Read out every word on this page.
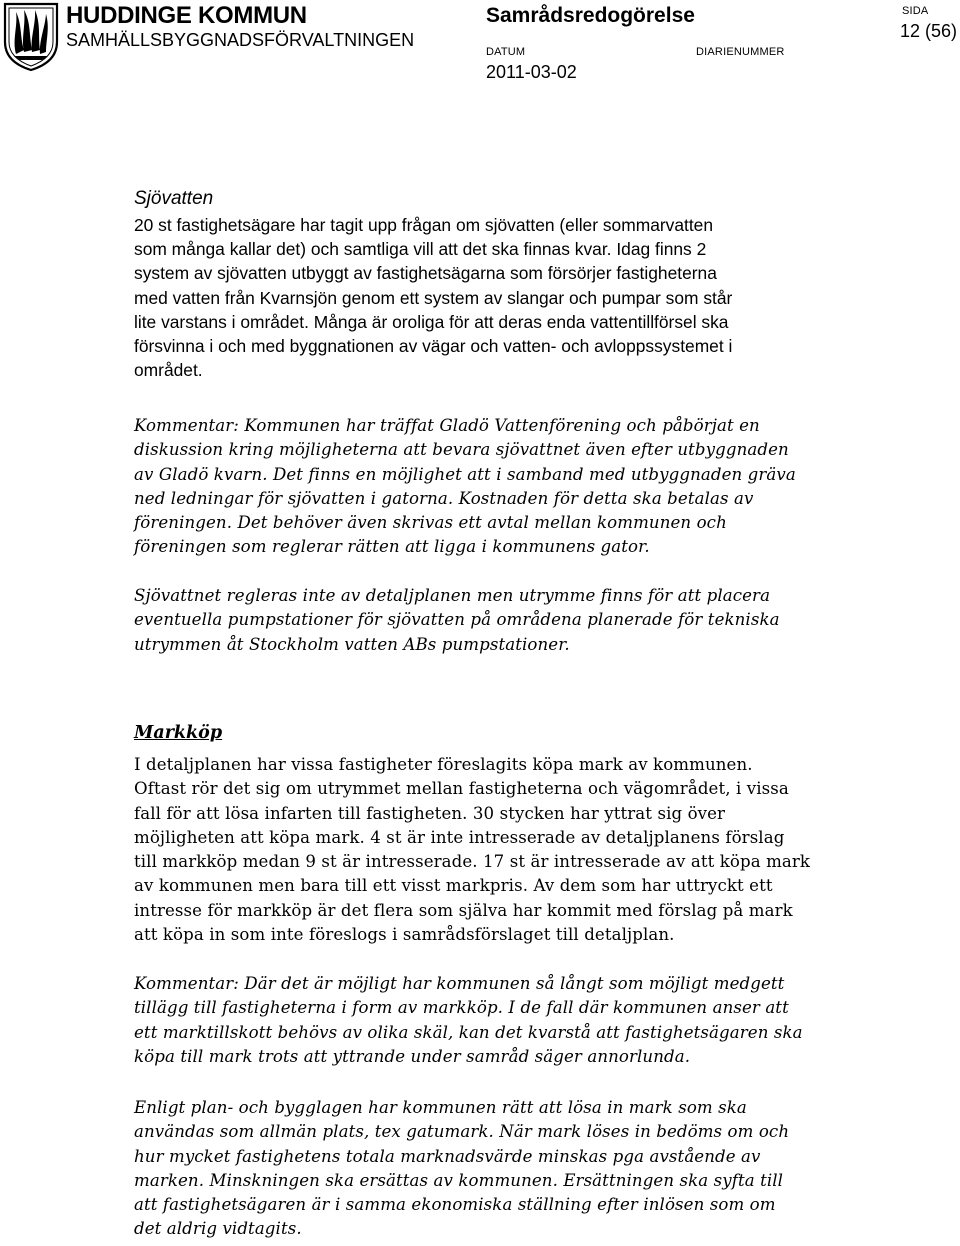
HUDDINGE KOMMUN
SAMHÄLLSBYGGNADSFÖRVALTNINGEN
Samrådsredogörelse
DATUM
2011-03-02
DIARIENUMMER
SIDA
12 (56)
Sjövatten
20 st fastighetsägare har tagit upp frågan om sjövatten (eller sommarvatten
som många kallar det) och samtliga vill att det ska finnas kvar. Idag finns 2
system av sjövatten utbyggt av fastighetsägarna som försörjer fastigheterna
med vatten från Kvarnsjön genom ett system av slangar och pumpar som står
lite varstans i området. Många är oroliga för att deras enda vattentillförsel ska
försvinna i och med byggnationen av vägar och vatten- och avloppssystemet i
området.
Kommentar: Kommunen har träffat Gladö Vattenförening och påbörjat en
diskussion kring möjligheterna att bevara sjövattnet även efter utbyggnaden
av Gladö kvarn. Det finns en möjlighet att i samband med utbyggnaden gräva
ned ledningar för sjövatten i gatorna. Kostnaden för detta ska betalas av
föreningen. Det behöver även skrivas ett avtal mellan kommunen och
föreningen som reglerar rätten att ligga i kommunens gator.
Sjövattnet regleras inte av detaljplanen men utrymme finns för att placera
eventuella pumpstationer för sjövatten på områdena planerade för tekniska
utrymmen åt Stockholm vatten ABs pumpstationer.
Markköp
I detaljplanen har vissa fastigheter föreslagits köpa mark av kommunen.
Oftast rör det sig om utrymmet mellan fastigheterna och vägområdet, i vissa
fall för att lösa infarten till fastigheten. 30 stycken har yttrat sig över
möjligheten att köpa mark. 4 st är inte intresserade av detaljplanens förslag
till markköp medan 9 st är intresserade. 17 st är intresserade av att köpa mark
av kommunen men bara till ett visst markpris. Av dem som har uttryckt ett
intresse för markköp är det flera som själva har kommit med förslag på mark
att köpa in som inte föreslogs i samrådsförslaget till detaljplan.
Kommentar: Där det är möjligt har kommunen så långt som möjligt medgett
tillägg till fastigheterna i form av markköp. I de fall där kommunen anser att
ett marktillskott behövs av olika skäl, kan det kvarstå att fastighetsägaren ska
köpa till mark trots att yttrande under samråd säger annorlunda.
Enligt plan- och bygglagen har kommunen rätt att lösa in mark som ska
användas som allmän plats, tex gatumark. När mark löses in bedöms om och
hur mycket fastighetens totala marknadsvärde minskas pga avstående av
marken. Minskningen ska ersättas av kommunen. Ersättningen ska syfta till
att fastighetsägaren är i samma ekonomiska ställning efter inlösen som om
det aldrig vidtagits.
